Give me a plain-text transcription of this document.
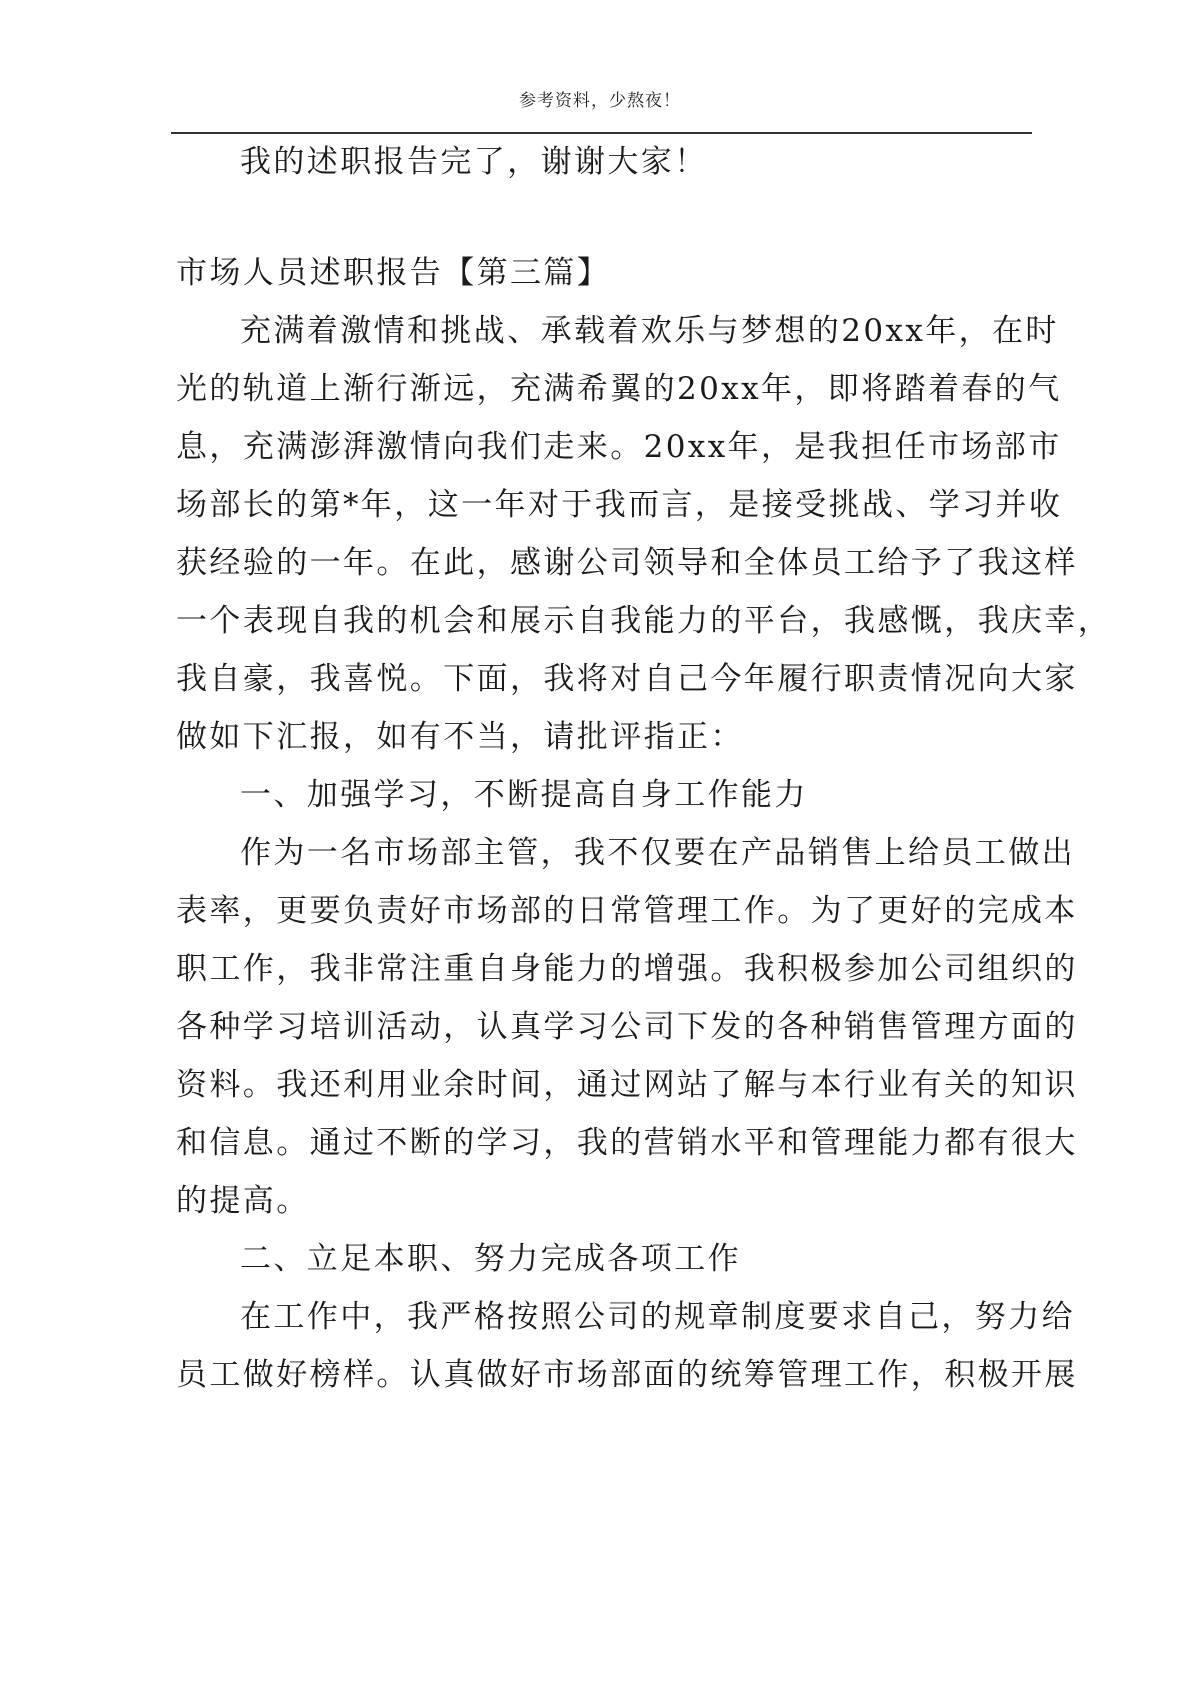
参考资料，少熬夜！
我的述职报告完了，谢谢大家！
市场人员述职报告【第三篇】
充满着激情和挑战、承载着欢乐与梦想的20xx年，在时
光的轨道上渐行渐远，充满希翼的20xx年，即将踏着春的气
息，充满澎湃激情向我们走来。20xx年，是我担任市场部市
场部长的第*年，这一年对于我而言，是接受挑战、学习并收
获经验的一年。在此，感谢公司领导和全体员工给予了我这样
一个表现自我的机会和展示自我能力的平台，我感慨，我庆幸，
我自豪，我喜悦。下面，我将对自己今年履行职责情况向大家
做如下汇报，如有不当，请批评指正：
一、加强学习，不断提高自身工作能力
作为一名市场部主管，我不仅要在产品销售上给员工做出
表率，更要负责好市场部的日常管理工作。为了更好的完成本
职工作，我非常注重自身能力的增强。我积极参加公司组织的
各种学习培训活动，认真学习公司下发的各种销售管理方面的
资料。我还利用业余时间，通过网站了解与本行业有关的知识
和信息。通过不断的学习，我的营销水平和管理能力都有很大
的提高。
二、立足本职、努力完成各项工作
在工作中，我严格按照公司的规章制度要求自己，努力给
员工做好榜样。认真做好市场部面的统筹管理工作，积极开展
